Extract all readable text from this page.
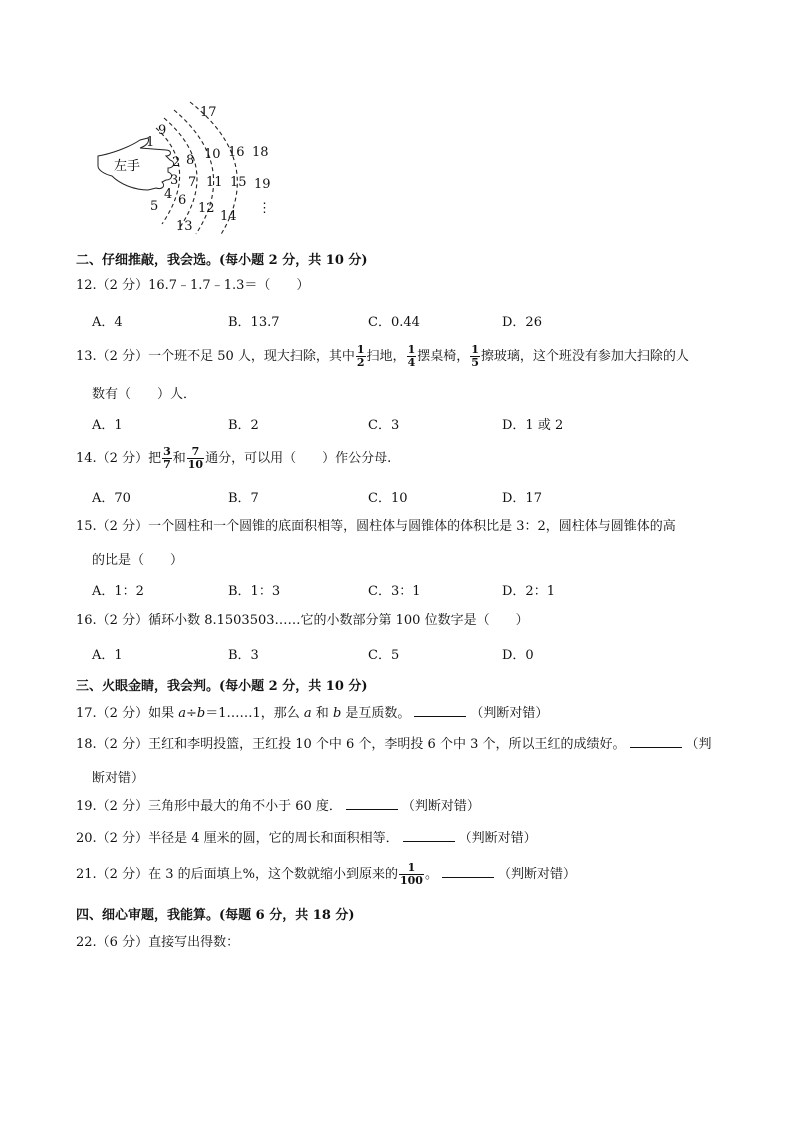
左手
1
2
3
4
5 6
7
8
9
10
11
12
13
14
15
16
17
18
19
⋮
二、仔细推敲，我会选。(每小题 2 分，共 10 分)
12.（2 分）16.7﹣1.7﹣1.3＝（　　）
A．4	B．13.7	C．0.44	D．26
13.（2 分）一个班不足 50 人，现大扫除，其中 $\frac{1}{2}$ 扫地， $\frac{1}{4}$ 摆桌椅， $\frac{1}{5}$ 擦玻璃，这个班没有参加大扫除的人
数有（　　）人．
A．1	B．2	C．3	D．1 或 2
14.（2 分）把 $\frac{3}{7}$ 和 $\frac{7}{10}$ 通分，可以用（　　）作公分母.
A．70	B．7	C．10	D．17
15.（2 分）一个圆柱和一个圆锥的底面积相等，圆柱体与圆锥体的体积比是 3：2，圆柱体与圆锥体的高
的比是（　　）
A．1：2	B．1：3	C．3：1	D．2：1
16.（2 分）循环小数 8.1503503……它的小数部分第 100 位数字是（　　）
A．1	B．3	C．5	D．0
三、火眼金睛，我会判。(每小题 2 分，共 10 分)
17.（2 分）如果 a÷b＝1……1，那么 a 和 b 是互质数。	（判断对错）
18.（2 分）王红和李明投篮，王红投 10 个中 6 个，李明投 6 个中 3 个，所以王红的成绩好。	（判
断对错）
19.（2 分）三角形中最大的角不小于 60 度．	（判断对错）
20.（2 分）半径是 4 厘米的圆，它的周长和面积相等．	（判断对错）
21.（2 分）在 3 的后面填上%，这个数就缩小到原来的 $\frac{1}{100}$ 。	（判断对错）
四、细心审题，我能算。(每题 6 分，共 18 分)
22.（6 分）直接写出得数：
